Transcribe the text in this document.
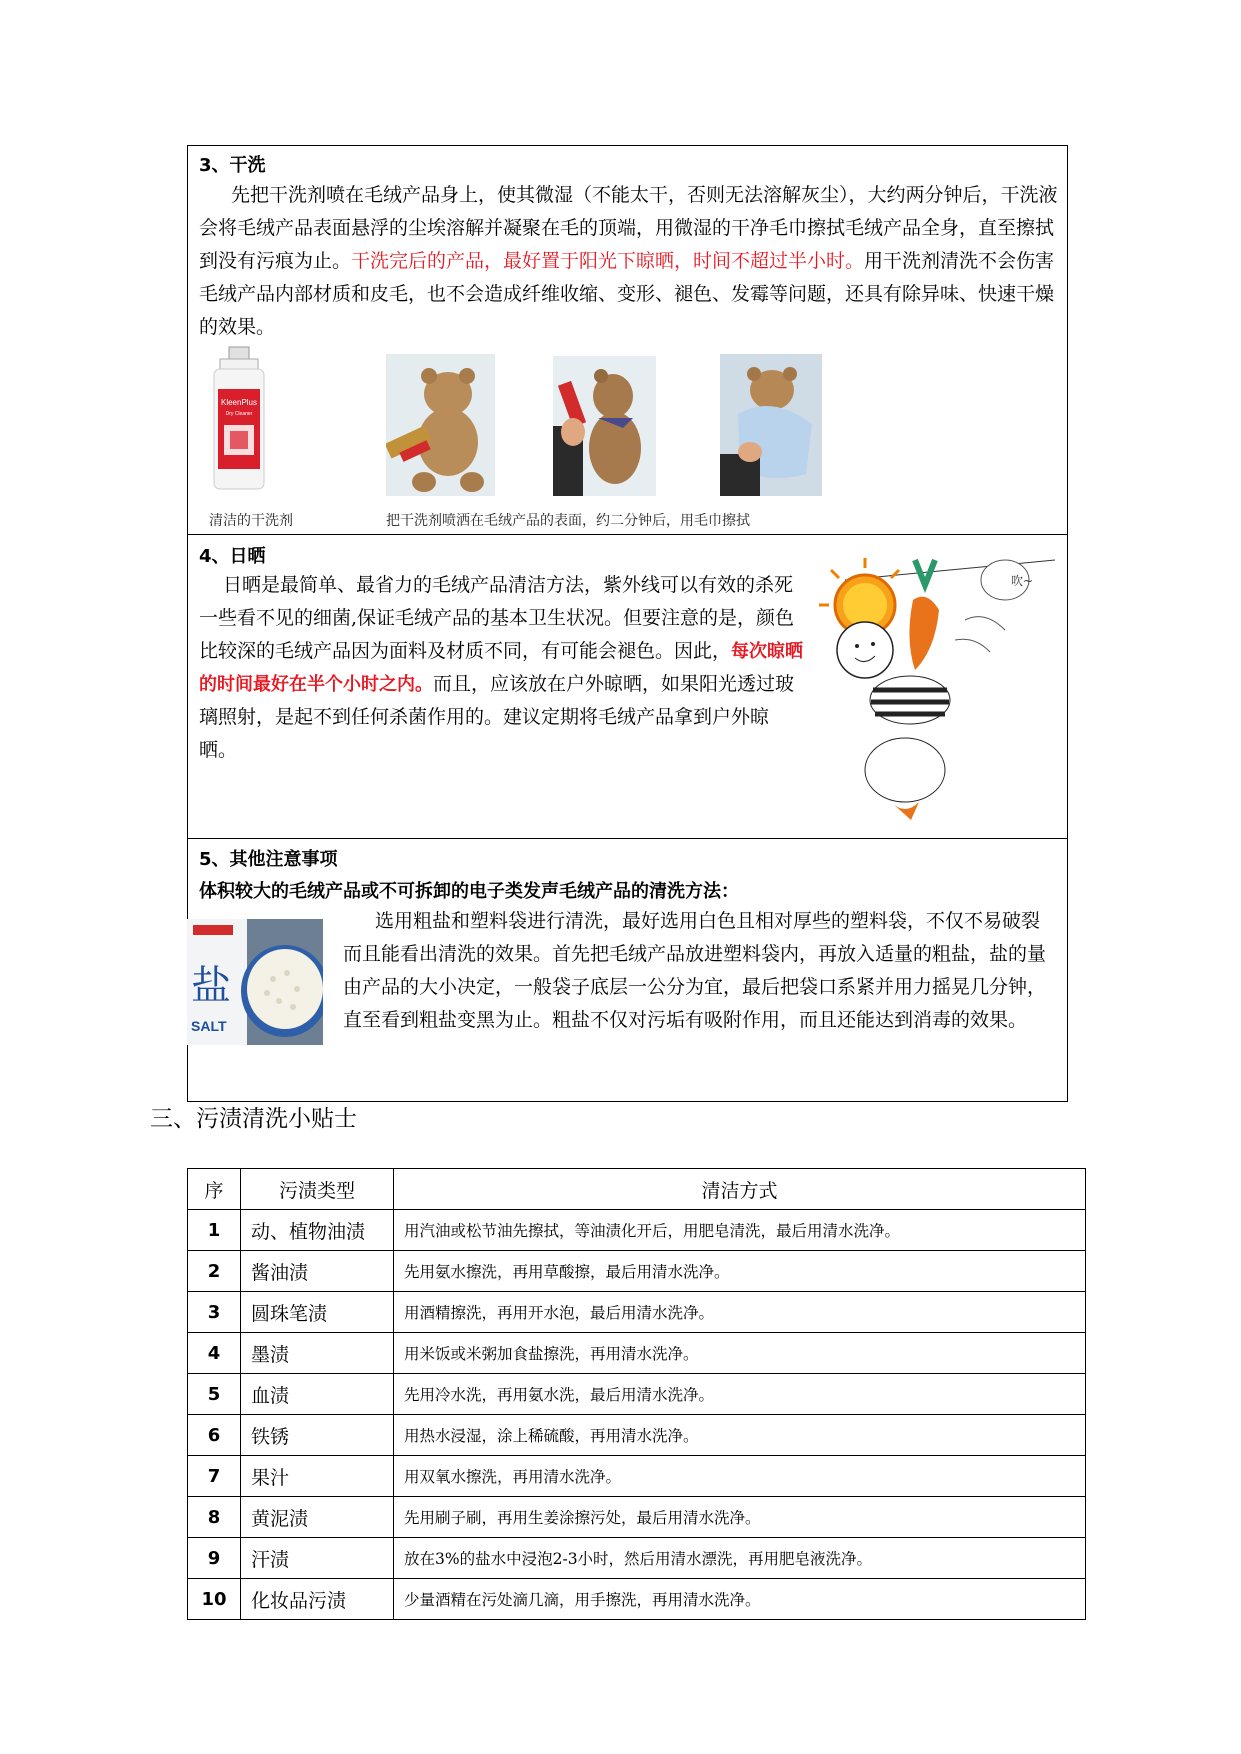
3、干洗
先把干洗剂喷在毛绒产品身上，使其微湿（不能太干，否则无法溶解灰尘），大约两分钟后，干洗液会将毛绒产品表面悬浮的尘埃溶解并凝聚在毛的顶端，用微湿的干净毛巾擦拭毛绒产品全身，直至擦拭到没有污痕为止。干洗完后的产品，最好置于阳光下晾晒，时间不超过半小时。用干洗剂清洗不会伤害毛绒产品内部材质和皮毛，也不会造成纤维收缩、变形、褪色、发霉等问题，还具有除异味、快速干燥的效果。
KleenPlus
Dry Cleaner
清洁的干洗剂	把干洗剂喷洒在毛绒产品的表面，约二分钟后，用毛巾擦拭
4、日晒
日晒是最简单、最省力的毛绒产品清洁方法，紫外线可以有效的杀死一些看不见的细菌,保证毛绒产品的基本卫生状况。但要注意的是，颜色比较深的毛绒产品因为面料及材质不同，有可能会褪色。因此，每次晾晒的时间最好在半个小时之内。而且，应该放在户外晾晒，如果阳光透过玻璃照射，是起不到任何杀菌作用的。建议定期将毛绒产品拿到户外晾晒。
吹~
5、其他注意事项
体积较大的毛绒产品或不可拆卸的电子类发声毛绒产品的清洗方法：
盐
SALT
选用粗盐和塑料袋进行清洗，最好选用白色且相对厚些的塑料袋，不仅不易破裂而且能看出清洗的效果。首先把毛绒产品放进塑料袋内，再放入适量的粗盐，盐的量由产品的大小决定，一般袋子底层一公分为宜，最后把袋口系紧并用力摇晃几分钟，直至看到粗盐变黑为止。粗盐不仅对污垢有吸附作用，而且还能达到消毒的效果。
三、污渍清洗小贴士
序	污渍类型	清洁方式
1	动、植物油渍	用汽油或松节油先擦拭，等油渍化开后，用肥皂清洗，最后用清水洗净。
2	酱油渍	先用氨水擦洗，再用草酸擦，最后用清水洗净。
3	圆珠笔渍	用酒精擦洗，再用开水泡，最后用清水洗净。
4	墨渍	用米饭或米粥加食盐擦洗，再用清水洗净。
5	血渍	先用冷水洗，再用氨水洗，最后用清水洗净。
6	铁锈	用热水浸湿，涂上稀硫酸，再用清水洗净。
7	果汁	用双氧水擦洗，再用清水洗净。
8	黄泥渍	先用刷子刷，再用生姜涂擦污处，最后用清水洗净。
9	汗渍	放在3%的盐水中浸泡2-3小时，然后用清水漂洗，再用肥皂液洗净。
10	化妆品污渍	少量酒精在污处滴几滴，用手擦洗，再用清水洗净。
